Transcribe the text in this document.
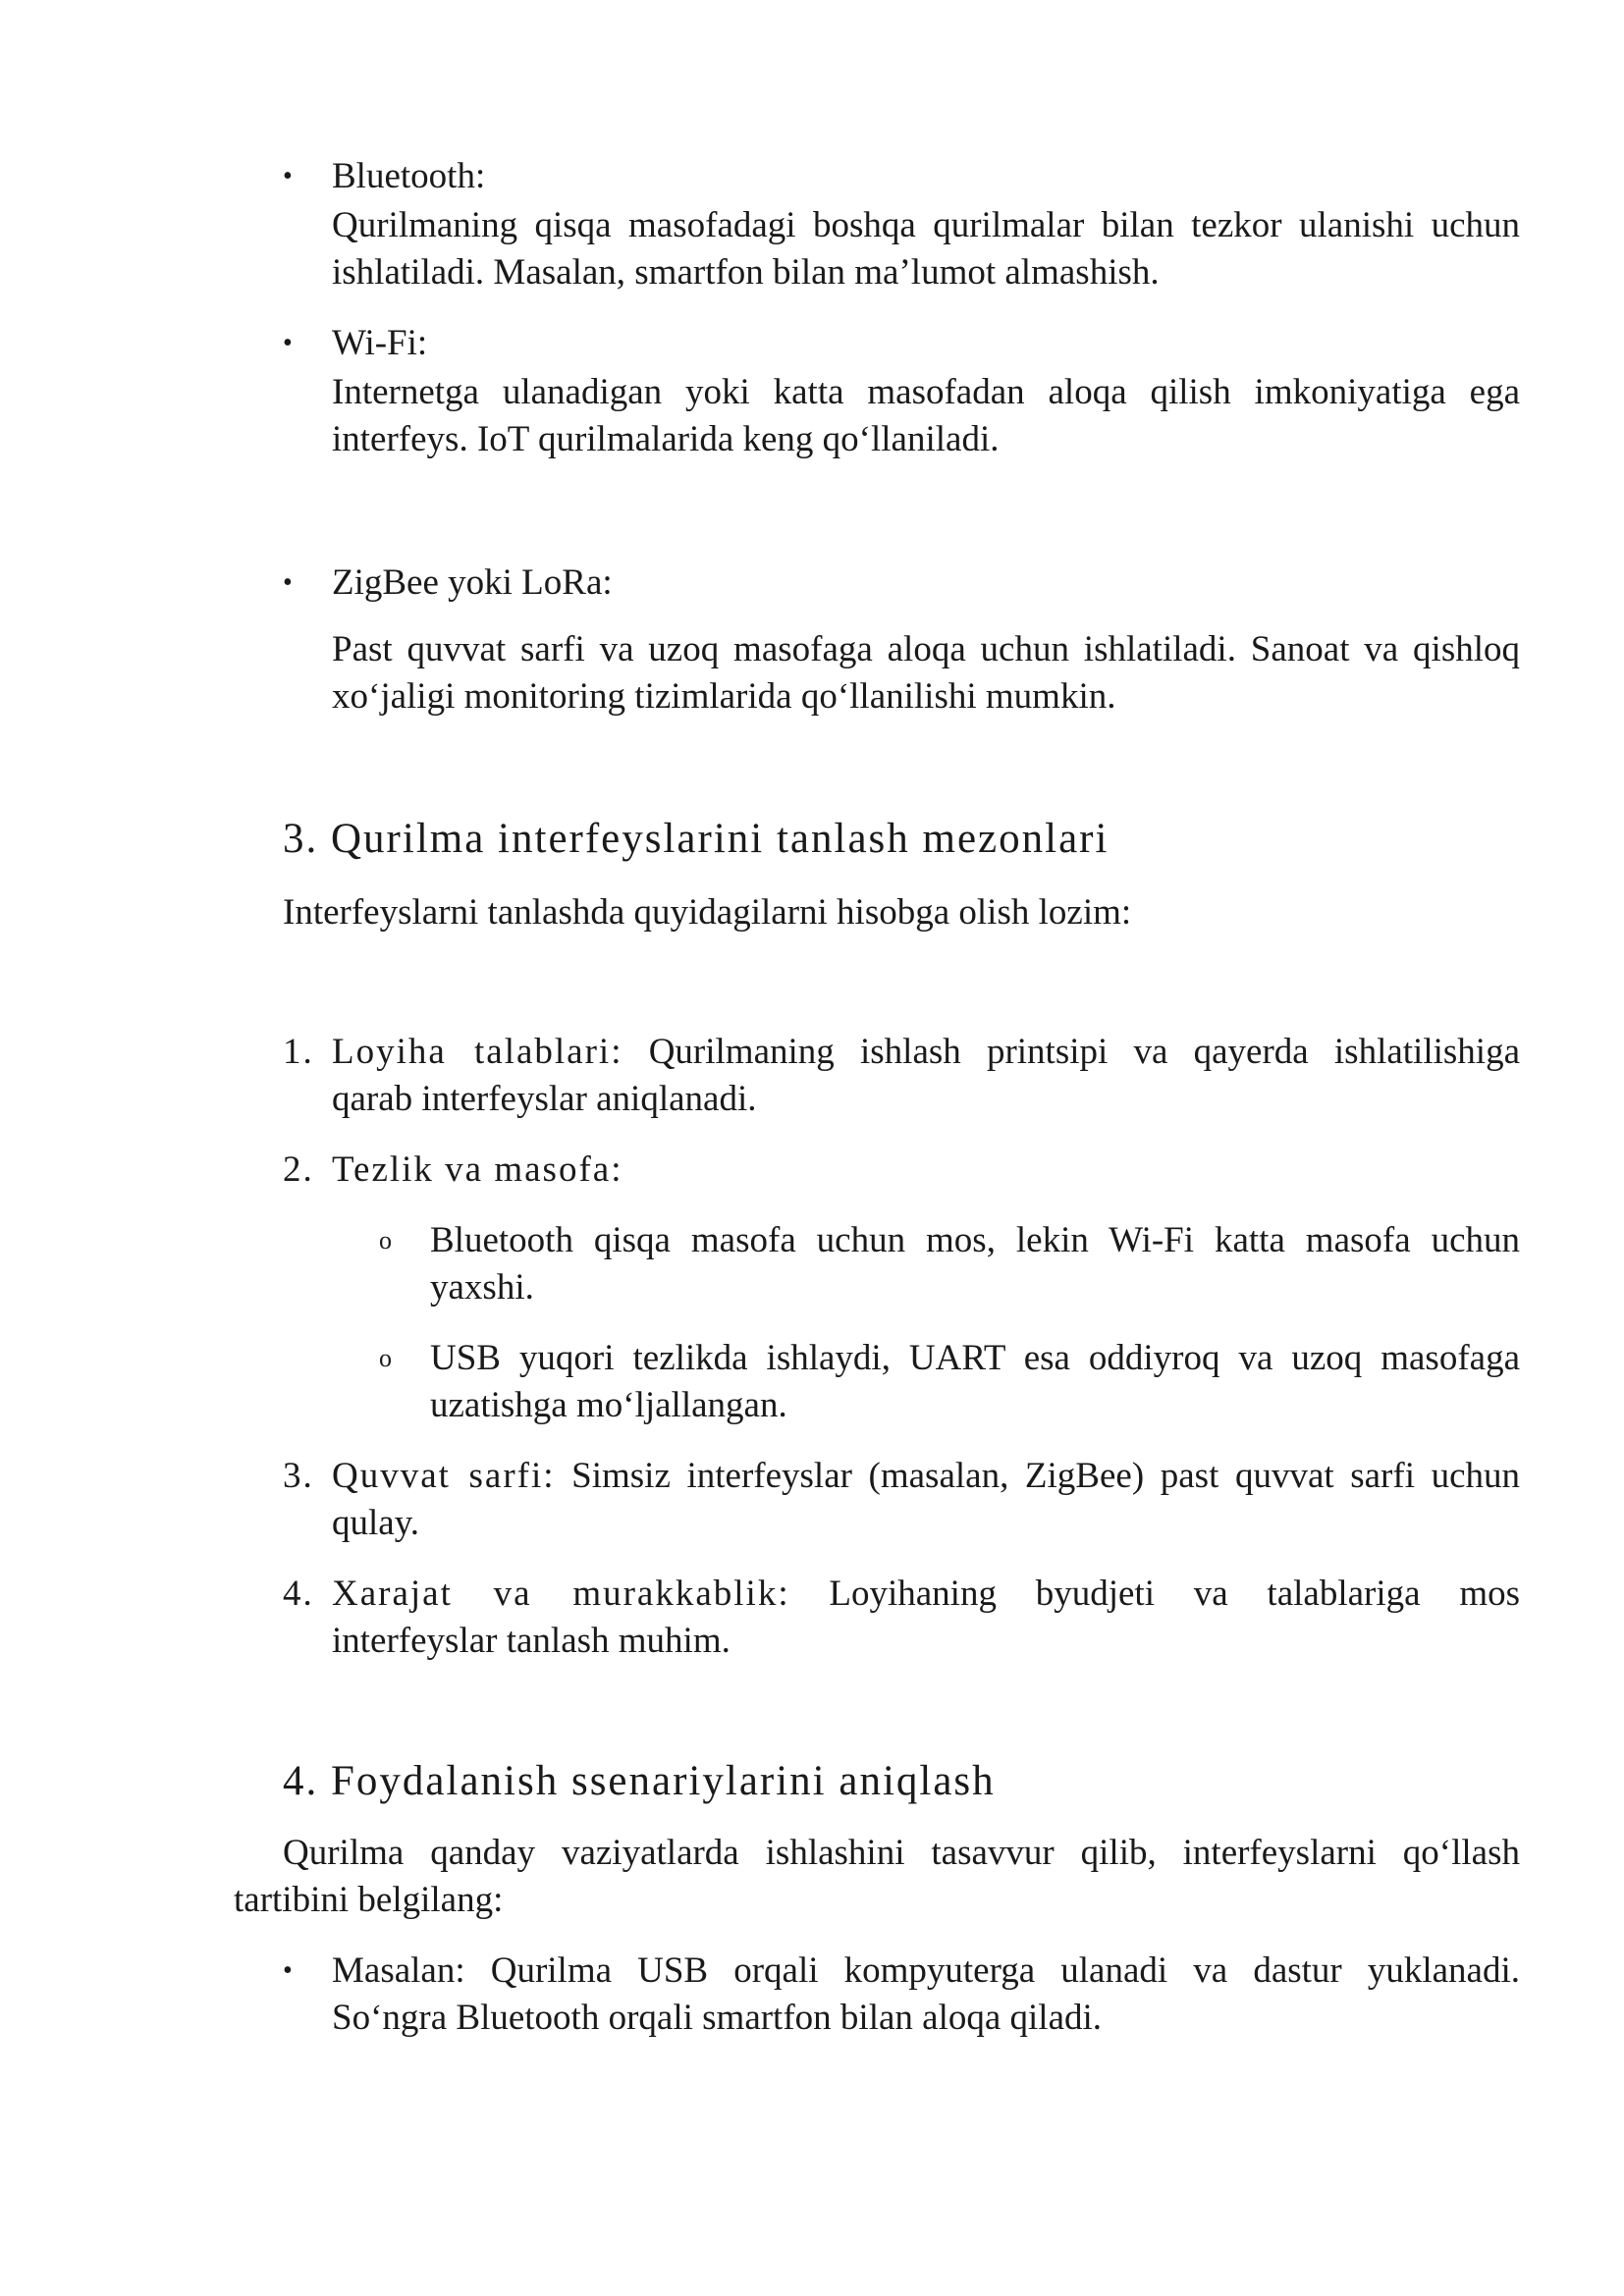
• Bluetooth:
Qurilmaning qisqa masofadagi boshqa qurilmalar bilan tezkor ulanishi uchun
ishlatiladi. Masalan, smartfon bilan ma’lumot almashish.
• Wi-Fi:
Internetga ulanadigan yoki katta masofadan aloqa qilish imkoniyatiga ega
interfeys. IoT qurilmalarida keng qo‘llaniladi.
• ZigBee yoki LoRa:
Past quvvat sarfi va uzoq masofaga aloqa uchun ishlatiladi. Sanoat va qishloq
xo‘jaligi monitoring tizimlarida qo‘llanilishi mumkin.
3. Qurilma interfeyslarini tanlash mezonlari
Interfeyslarni tanlashda quyidagilarni hisobga olish lozim:
1. Loyiha talablari: Qurilmaning ishlash printsipi va qayerda ishlatilishiga
qarab interfeyslar aniqlanadi.
2. Tezlik va masofa:
o Bluetooth qisqa masofa uchun mos, lekin Wi-Fi katta masofa uchun
yaxshi.
o USB yuqori tezlikda ishlaydi, UART esa oddiyroq va uzoq masofaga
uzatishga mo‘ljallangan.
3. Quvvat sarfi: Simsiz interfeyslar (masalan, ZigBee) past quvvat sarfi uchun
qulay.
4. Xarajat va murakkablik: Loyihaning byudjeti va talablariga mos
interfeyslar tanlash muhim.
4. Foydalanish ssenariylarini aniqlash
Qurilma qanday vaziyatlarda ishlashini tasavvur qilib, interfeyslarni qo‘llash
tartibini belgilang:
• Masalan: Qurilma USB orqali kompyuterga ulanadi va dastur yuklanadi.
So‘ngra Bluetooth orqali smartfon bilan aloqa qiladi.
